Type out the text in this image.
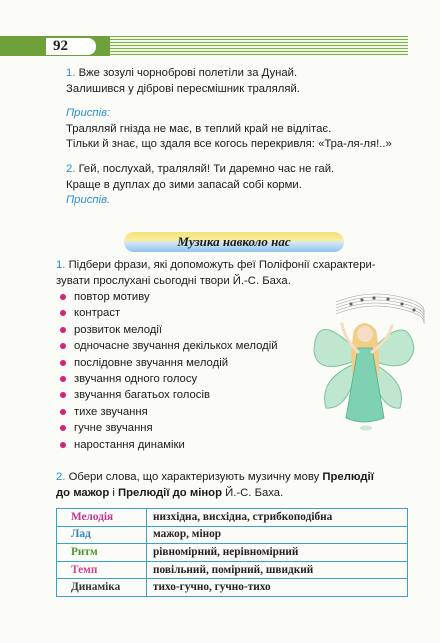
92
1. Вже зозулі чорноброві полетіли за Дунай.
Залишився у діброві пересмішник траляляй.
Приспів:
Траляляй гнізда не має, в теплий край не відлітає.
Тільки й знає, що здаля все когось перекривля: «Тра-ля-ля!..»
2. Гей, послухай, траляляй! Ти даремно час не гай.
Краще в дуплах до зими запасай собі корми.
Приспів.
Музика навколо нас
1. Підбери фрази, які допоможуть феї Поліфонії схарактери-
зувати прослухані сьогодні твори Й.-С. Баха.
повтор мотиву
контраст
розвиток мелодії
одночасне звучання декількох мелодій
послідовне звучання мелодій
звучання одного голосу
звучання багатьох голосів
тихе звучання
гучне звучання
наростання динаміки
2. Обери слова, що характеризують музичну мову Прелюдії
до мажор і Прелюдії до мінор Й.-С. Баха.
Мелодія	низхідна, висхідна, стрибкоподібна
Лад	мажор, мінор
Ритм	рівномірний, нерівномірний
Темп	повільний, помірний, швидкий
Динаміка	тихо-гучно, гучно-тихо
